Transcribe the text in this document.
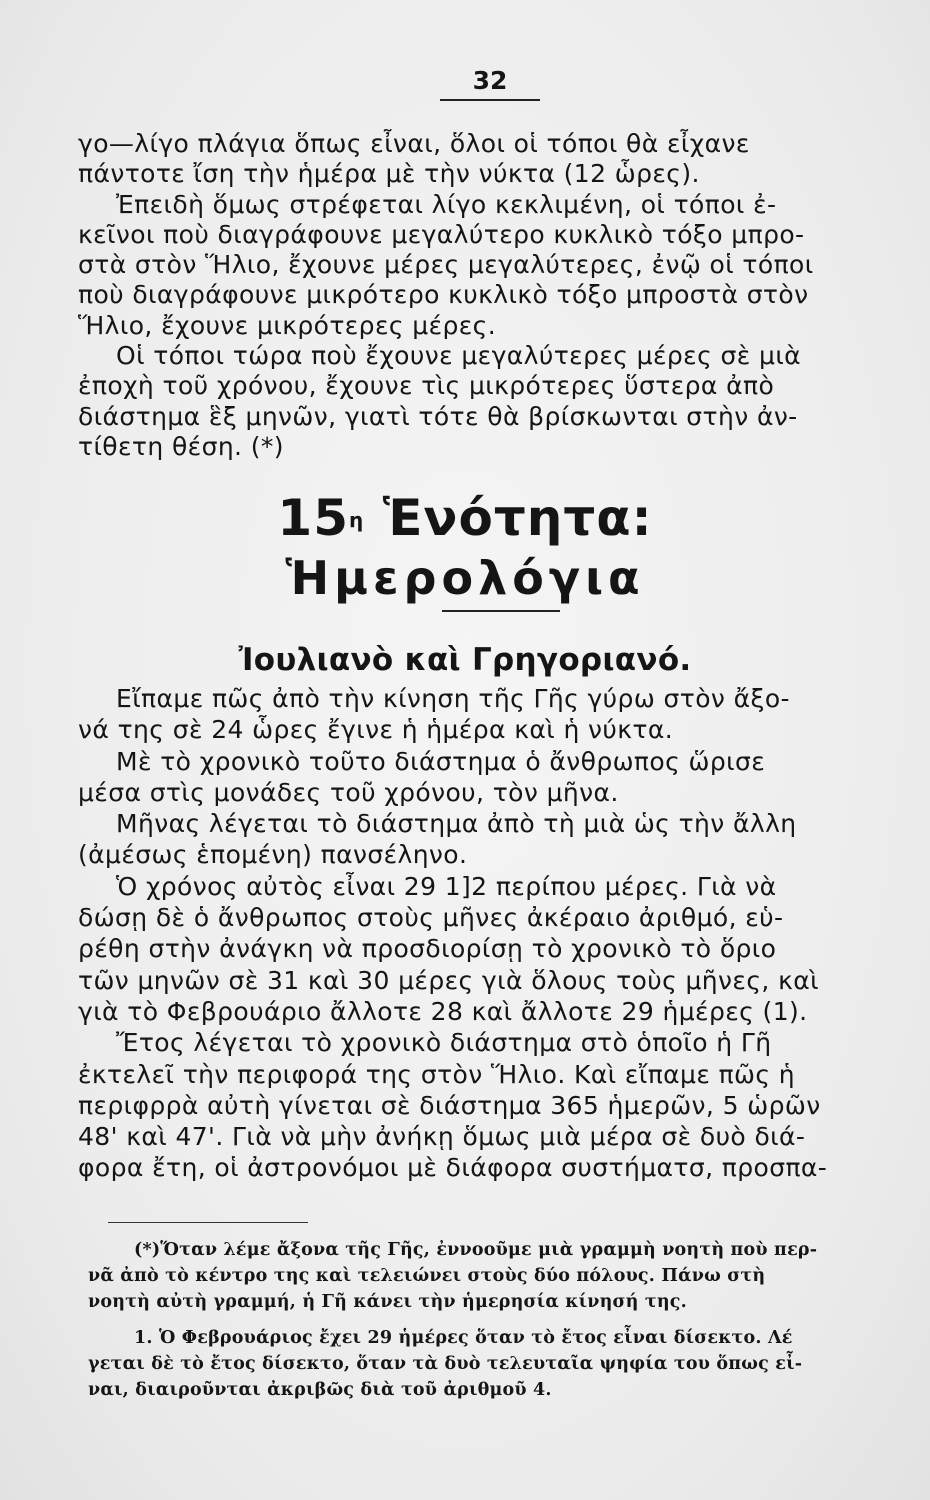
32
γο—λίγο πλάγια ὅπως εἶναι, ὅλοι οἱ τόποι θὰ εἶχανε
πάντοτε ἴση τὴν ἡμέρα μὲ τὴν νύκτα (12 ὧρες).
Ἐπειδὴ ὅμως στρέφεται λίγο κεκλιμένη, οἱ τόποι ἐ-
κεῖνοι ποὺ διαγράφουνε μεγαλύτερο κυκλικὸ τόξο μπρο-
στὰ στὸν Ἥλιο, ἔχουνε μέρες μεγαλύτερες, ἐνῷ οἱ τόποι
ποὺ διαγράφουνε μικρότερο κυκλικὸ τόξο μπροστὰ στὸν
Ἥλιο, ἔχουνε μικρότερες μέρες.
Οἱ τόποι τώρα ποὺ ἔχουνε μεγαλύτερες μέρες σὲ μιὰ
ἐποχὴ τοῦ χρόνου, ἔχουνε τὶς μικρότερες ὕστερα ἀπὸ
διάστημα ἓξ μηνῶν, γιατὶ τότε θὰ βρίσκωνται στὴν ἀν-
τίθετη θέση. (*)
$15^\eta$ Ἑνότητα:
Ἡμερολόγια
Ἰουλιανὸ καὶ Γρηγοριανό.
Εἴπαμε πῶς ἀπὸ τὴν κίνηση τῆς Γῆς γύρω στὸν ἄξο-
νά της σὲ 24 ὧρες ἔγινε ἡ ἡμέρα καὶ ἡ νύκτα.
Μὲ τὸ χρονικὸ τοῦτο διάστημα ὁ ἄνθρωπος ὥρισε
μέσα στὶς μονάδες τοῦ χρόνου, τὸν μῆνα.
Μῆνας λέγεται τὸ διάστημα ἀπὸ τὴ μιὰ ὡς τὴν ἄλλη
(ἀμέσως ἑπομένη) πανσέληνο.
Ὁ χρόνος αὐτὸς εἶναι 29 1]2 περίπου μέρες. Γιὰ νὰ
δώσῃ δὲ ὁ ἄνθρωπος στοὺς μῆνες ἀκέραιο ἀριθμό, εὑ-
ρέθη στὴν ἀνάγκη νὰ προσδιορίσῃ τὸ χρονικὸ τὸ ὅριο
τῶν μηνῶν σὲ 31 καὶ 30 μέρες γιὰ ὅλους τοὺς μῆνες, καὶ
γιὰ τὸ Φεβρουάριο ἄλλοτε 28 καὶ ἄλλοτε 29 ἡμέρες (1).
Ἔτος λέγεται τὸ χρονικὸ διάστημα στὸ ὁποῖο ἡ Γῆ
ἐκτελεῖ τὴν περιφορά της στὸν Ἥλιο. Καὶ εἴπαμε πῶς ἡ
περιφρρὰ αὐτὴ γίνεται σὲ διάστημα 365 ἡμερῶν, 5 ὡρῶν
48' καὶ 47'. Γιὰ νὰ μὴν ἀνήκῃ ὅμως μιὰ μέρα σὲ δυὸ διά-
φορα ἔτη, οἱ ἀστρονόμοι μὲ διάφορα συστήματσ, προσπα-
(*)Ὅταν λέμε ἄξονα τῆς Γῆς, ἐννοοῦμε μιὰ γραμμὴ νοητὴ ποὺ περ-
νᾶ ἀπὸ τὸ κέντρο της καὶ τελειώνει στοὺς δύο πόλους. Πάνω στὴ
νοητὴ αὐτὴ γραμμή, ἡ Γῆ κάνει τὴν ἡμερησία κίνησή της.
1. Ὁ Φεβρουάριος ἔχει 29 ἡμέρες ὅταν τὸ ἔτος εἶναι δίσεκτο. Λέ
γεται δὲ τὸ ἔτος δίσεκτο, ὅταν τὰ δυὸ τελευταῖα ψηφία του ὅπως εἶ-
ναι, διαιροῦνται ἀκριβῶς διὰ τοῦ ἀριθμοῦ 4.
